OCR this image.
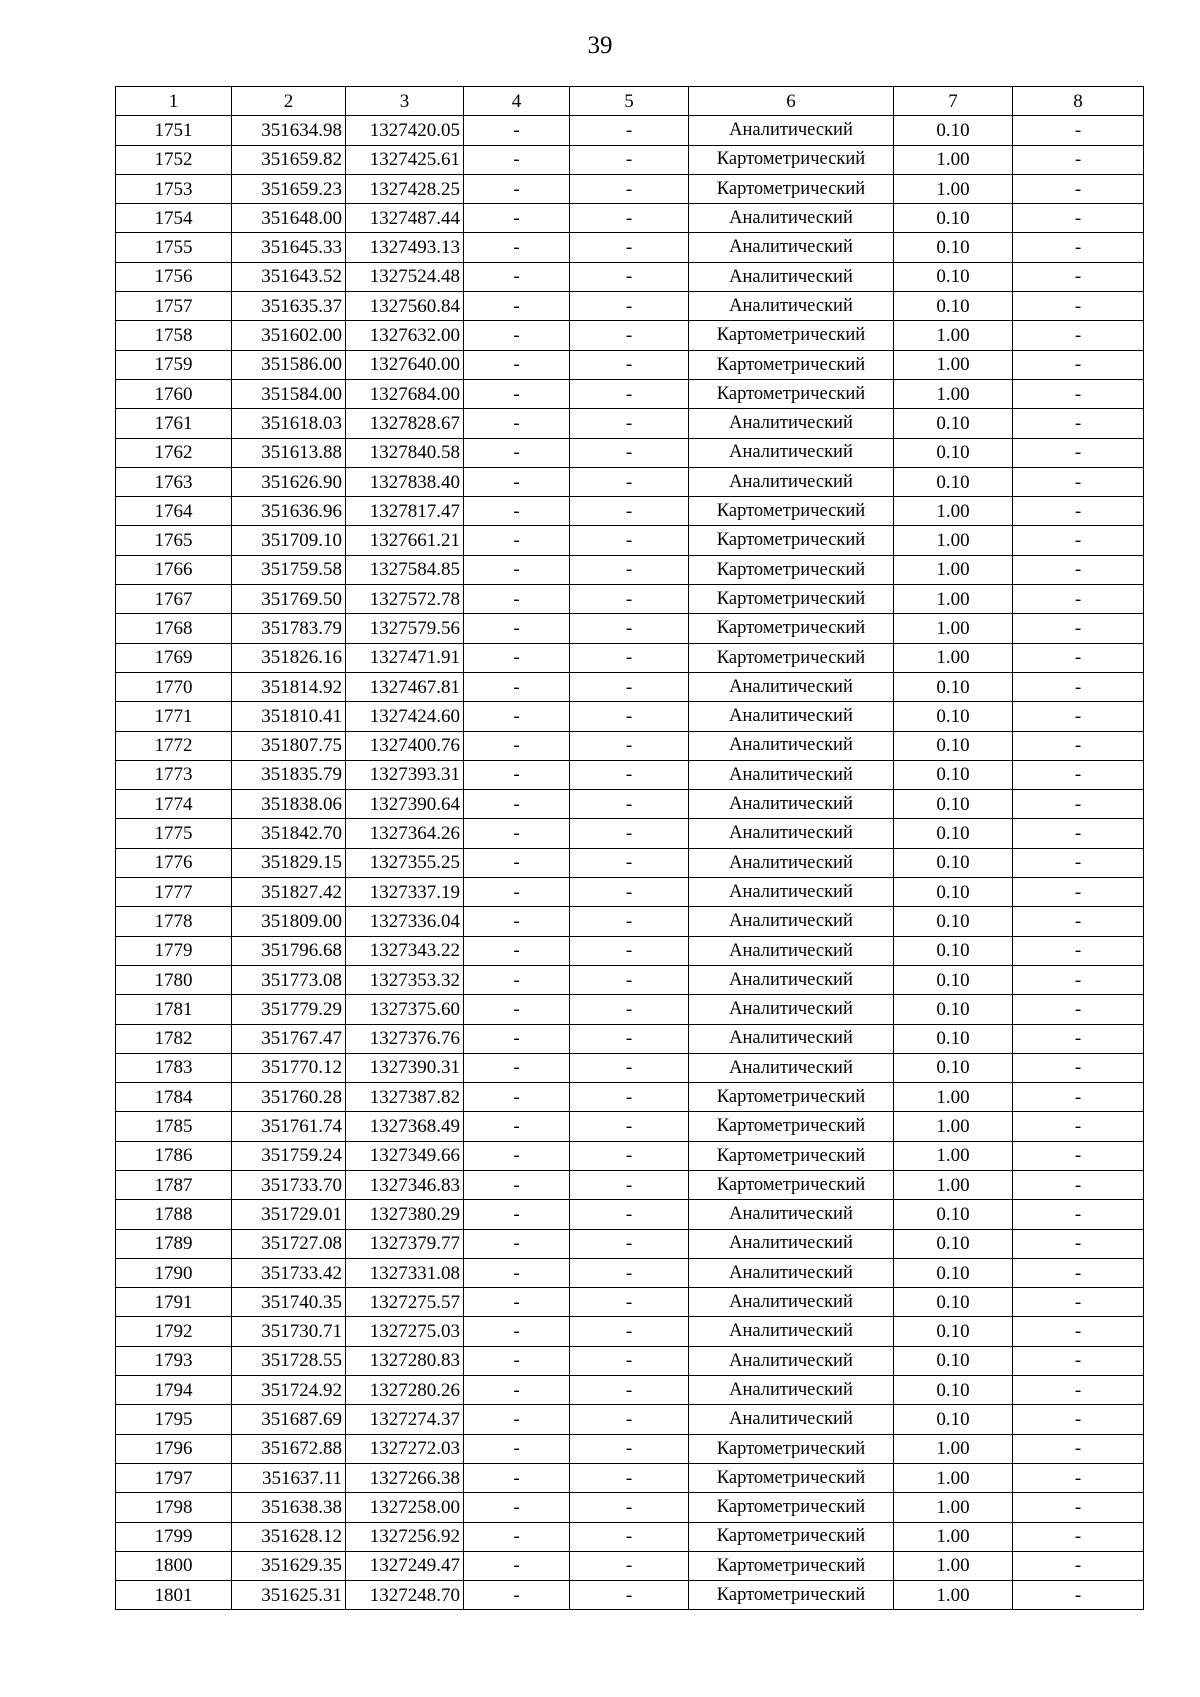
39
1	2	3	4	5	6	7	8
1751	351634.98	1327420.05	-	-	Аналитический	0.10	-
1752	351659.82	1327425.61	-	-	Картометрический	1.00	-
1753	351659.23	1327428.25	-	-	Картометрический	1.00	-
1754	351648.00	1327487.44	-	-	Аналитический	0.10	-
1755	351645.33	1327493.13	-	-	Аналитический	0.10	-
1756	351643.52	1327524.48	-	-	Аналитический	0.10	-
1757	351635.37	1327560.84	-	-	Аналитический	0.10	-
1758	351602.00	1327632.00	-	-	Картометрический	1.00	-
1759	351586.00	1327640.00	-	-	Картометрический	1.00	-
1760	351584.00	1327684.00	-	-	Картометрический	1.00	-
1761	351618.03	1327828.67	-	-	Аналитический	0.10	-
1762	351613.88	1327840.58	-	-	Аналитический	0.10	-
1763	351626.90	1327838.40	-	-	Аналитический	0.10	-
1764	351636.96	1327817.47	-	-	Картометрический	1.00	-
1765	351709.10	1327661.21	-	-	Картометрический	1.00	-
1766	351759.58	1327584.85	-	-	Картометрический	1.00	-
1767	351769.50	1327572.78	-	-	Картометрический	1.00	-
1768	351783.79	1327579.56	-	-	Картометрический	1.00	-
1769	351826.16	1327471.91	-	-	Картометрический	1.00	-
1770	351814.92	1327467.81	-	-	Аналитический	0.10	-
1771	351810.41	1327424.60	-	-	Аналитический	0.10	-
1772	351807.75	1327400.76	-	-	Аналитический	0.10	-
1773	351835.79	1327393.31	-	-	Аналитический	0.10	-
1774	351838.06	1327390.64	-	-	Аналитический	0.10	-
1775	351842.70	1327364.26	-	-	Аналитический	0.10	-
1776	351829.15	1327355.25	-	-	Аналитический	0.10	-
1777	351827.42	1327337.19	-	-	Аналитический	0.10	-
1778	351809.00	1327336.04	-	-	Аналитический	0.10	-
1779	351796.68	1327343.22	-	-	Аналитический	0.10	-
1780	351773.08	1327353.32	-	-	Аналитический	0.10	-
1781	351779.29	1327375.60	-	-	Аналитический	0.10	-
1782	351767.47	1327376.76	-	-	Аналитический	0.10	-
1783	351770.12	1327390.31	-	-	Аналитический	0.10	-
1784	351760.28	1327387.82	-	-	Картометрический	1.00	-
1785	351761.74	1327368.49	-	-	Картометрический	1.00	-
1786	351759.24	1327349.66	-	-	Картометрический	1.00	-
1787	351733.70	1327346.83	-	-	Картометрический	1.00	-
1788	351729.01	1327380.29	-	-	Аналитический	0.10	-
1789	351727.08	1327379.77	-	-	Аналитический	0.10	-
1790	351733.42	1327331.08	-	-	Аналитический	0.10	-
1791	351740.35	1327275.57	-	-	Аналитический	0.10	-
1792	351730.71	1327275.03	-	-	Аналитический	0.10	-
1793	351728.55	1327280.83	-	-	Аналитический	0.10	-
1794	351724.92	1327280.26	-	-	Аналитический	0.10	-
1795	351687.69	1327274.37	-	-	Аналитический	0.10	-
1796	351672.88	1327272.03	-	-	Картометрический	1.00	-
1797	351637.11	1327266.38	-	-	Картометрический	1.00	-
1798	351638.38	1327258.00	-	-	Картометрический	1.00	-
1799	351628.12	1327256.92	-	-	Картометрический	1.00	-
1800	351629.35	1327249.47	-	-	Картометрический	1.00	-
1801	351625.31	1327248.70	-	-	Картометрический	1.00	-
